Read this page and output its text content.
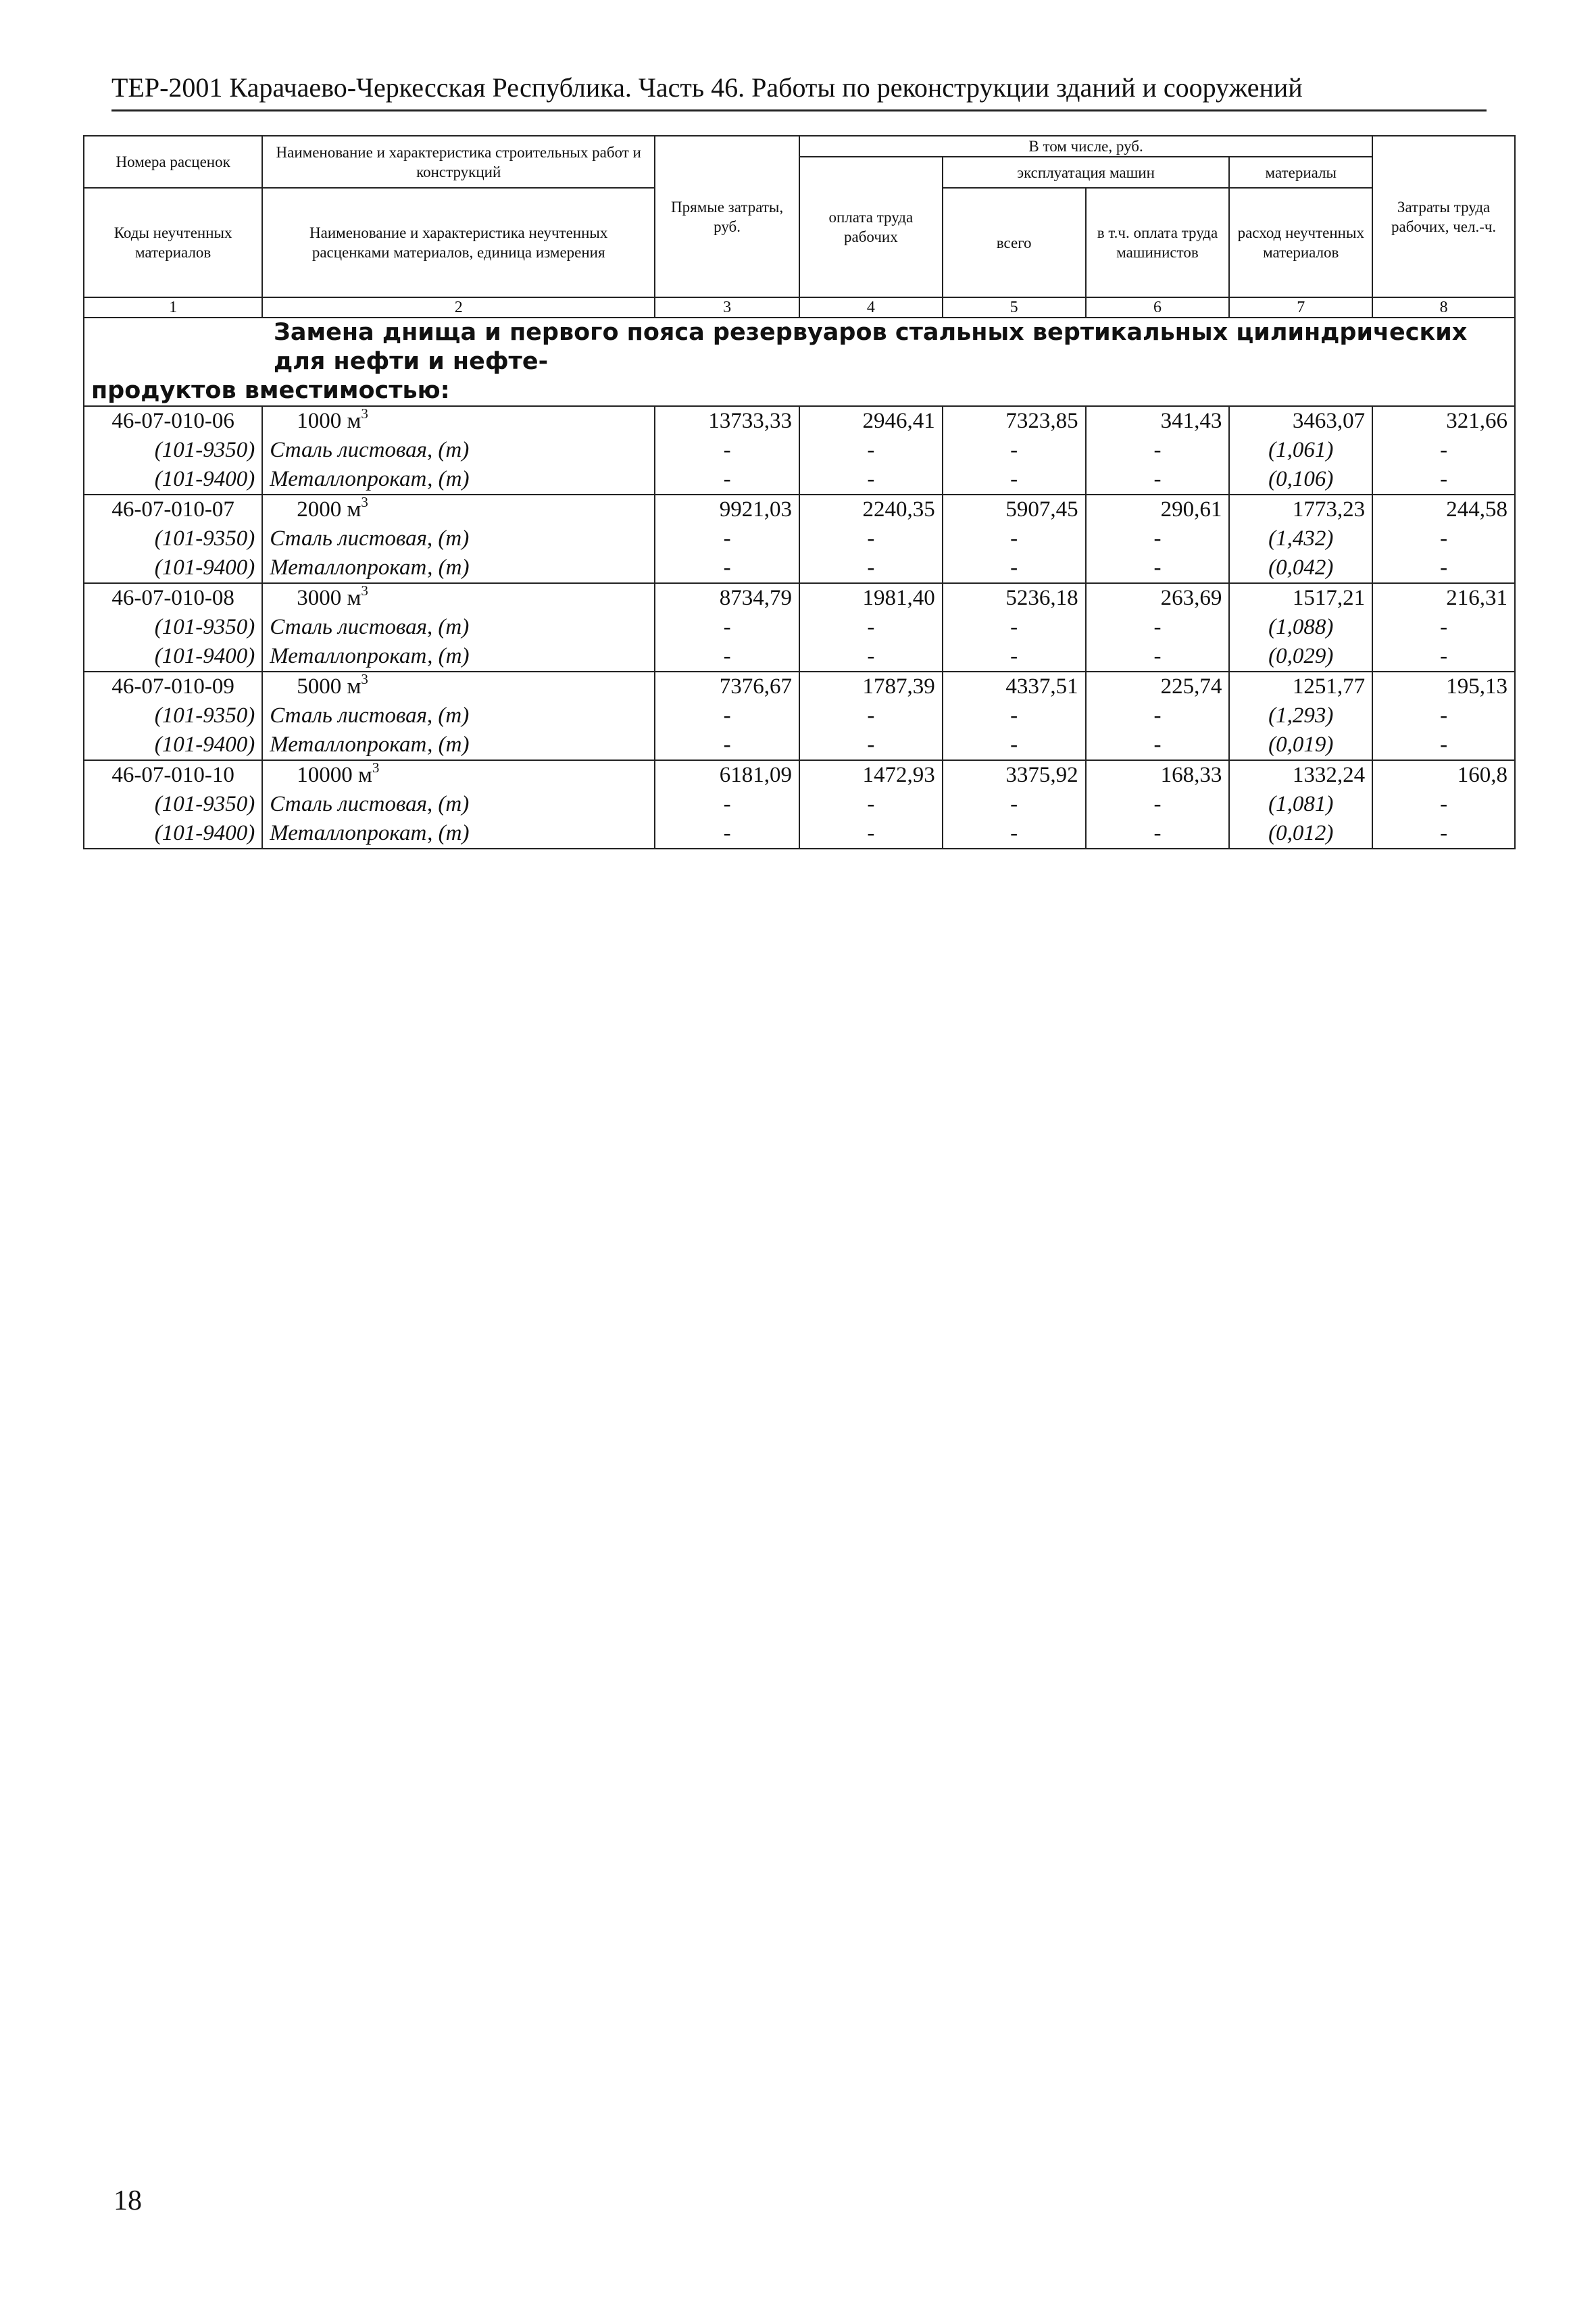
ТЕР-2001 Карачаево-Черкесская Республика. Часть 46. Работы по реконструкции зданий и сооружений
Номера расценок	Наименование и характеристика строительных работ и конструкций	Прямые затраты, руб.	В том числе, руб.				Затраты труда рабочих, чел.-ч.
			оплата труда рабочих	эксплуатация машин		материалы	
Коды неучтенных материалов	Наименование и характеристика неучтенных расценками материалов, единица измерения			всего	в т.ч. оплата труда машинистов	расход неучтенных материалов	

1	2	3	4	5	6	7	8

Замена днища и первого пояса резервуаров стальных вертикальных цилиндрических для нефти и нефте-
продуктов вместимостью:							

46-07-010-06	1000 $м^3$	13733,33	2946,41	7323,85	341,43	3463,07	321,66
(101-9350)	Сталь листовая, (т)	-	-	-	-	(1,061)	-
(101-9400)	Металлопрокат, (т)	-	-	-	-	(0,106)	-
46-07-010-07	2000 $м^3$	9921,03	2240,35	5907,45	290,61	1773,23	244,58
(101-9350)	Сталь листовая, (т)	-	-	-	-	(1,432)	-
(101-9400)	Металлопрокат, (т)	-	-	-	-	(0,042)	-
46-07-010-08	3000 $м^3$	8734,79	1981,40	5236,18	263,69	1517,21	216,31
(101-9350)	Сталь листовая, (т)	-	-	-	-	(1,088)	-
(101-9400)	Металлопрокат, (т)	-	-	-	-	(0,029)	-
46-07-010-09	5000 $м^3$	7376,67	1787,39	4337,51	225,74	1251,77	195,13
(101-9350)	Сталь листовая, (т)	-	-	-	-	(1,293)	-
(101-9400)	Металлопрокат, (т)	-	-	-	-	(0,019)	-
46-07-010-10	10000 $м^3$	6181,09	1472,93	3375,92	168,33	1332,24	160,8
(101-9350)	Сталь листовая, (т)	-	-	-	-	(1,081)	-
(101-9400)	Металлопрокат, (т)	-	-	-	-	(0,012)	-
18
